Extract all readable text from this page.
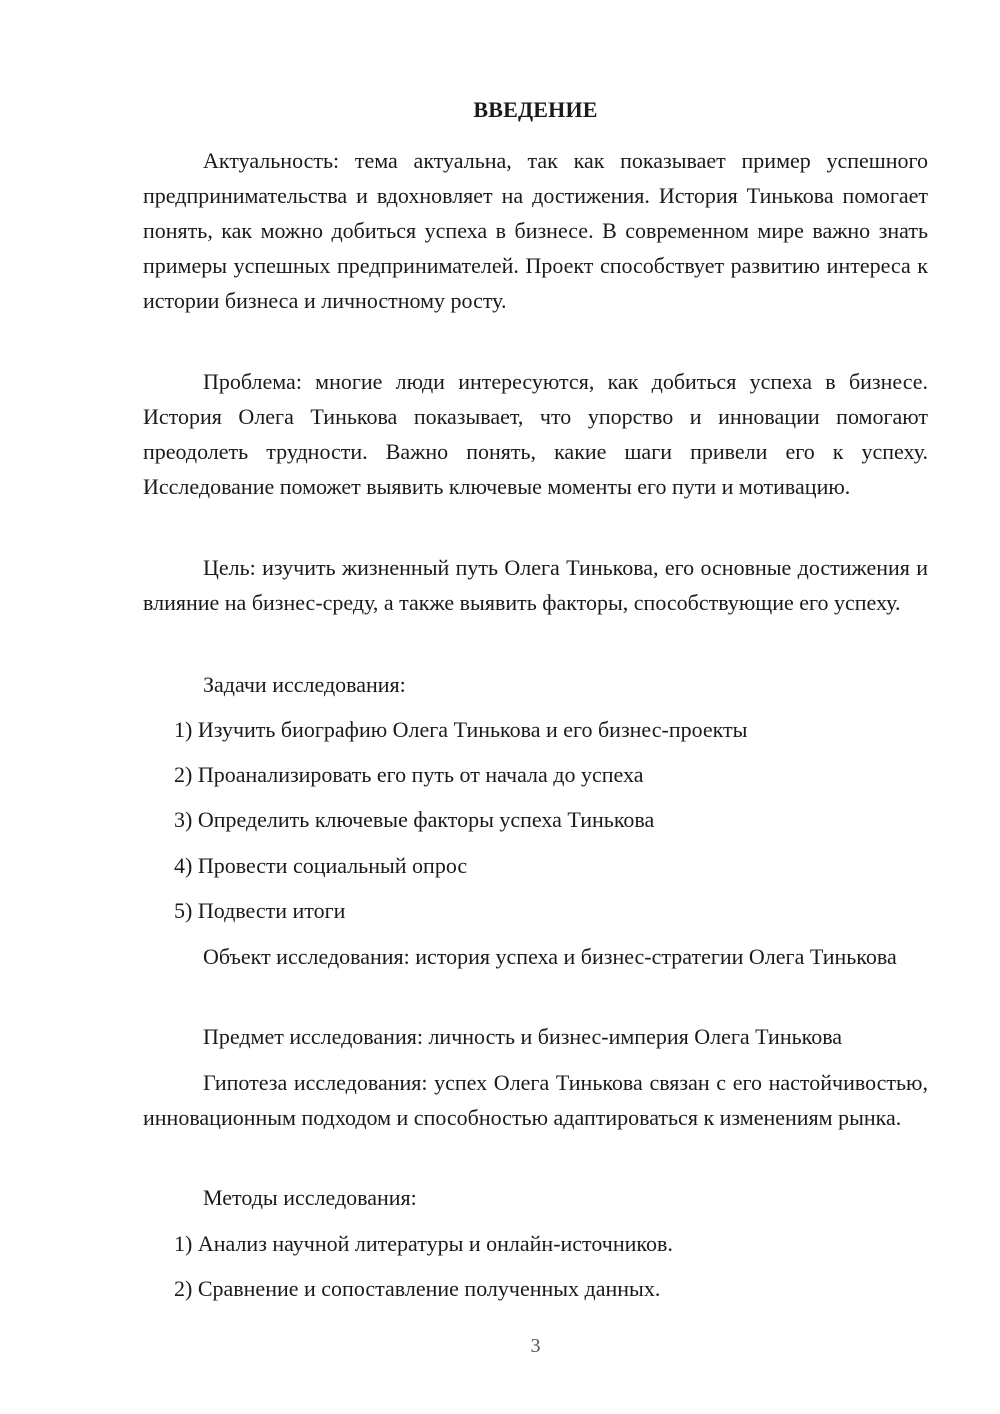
ВВЕДЕНИЕ

Актуальность: тема актуальна, так как показывает пример успешного предпринимательства и вдохновляет на достижения. История Тинькова помогает понять, как можно добиться успеха в бизнесе. В современном мире важно знать примеры успешных предпринимателей. Проект способствует развитию интереса к истории бизнеса и личностному росту.

Проблема: многие люди интересуются, как добиться успеха в бизнесе. История Олега Тинькова показывает, что упорство и инновации помогают преодолеть трудности. Важно понять, какие шаги привели его к успеху. Исследование поможет выявить ключевые моменты его пути и мотивацию.

Цель: изучить жизненный путь Олега Тинькова, его основные достижения и влияние на бизнес-среду, а также выявить факторы, способствующие его успеху.

Задачи исследования:

1) Изучить биографию Олега Тинькова и его бизнес-проекты

2) Проанализировать его путь от начала до успеха

3) Определить ключевые факторы успеха Тинькова

4) Провести социальный опрос

5) Подвести итоги

Объект исследования: история успеха и бизнес-стратегии Олега Тинькова

Предмет исследования: личность и бизнес-империя Олега Тинькова

Гипотеза исследования: успех Олега Тинькова связан с его настойчивостью, инновационным подходом и способностью адаптироваться к изменениям рынка.

Методы исследования:

1) Анализ научной литературы и онлайн-источников.

2) Сравнение и сопоставление полученных данных.

3
